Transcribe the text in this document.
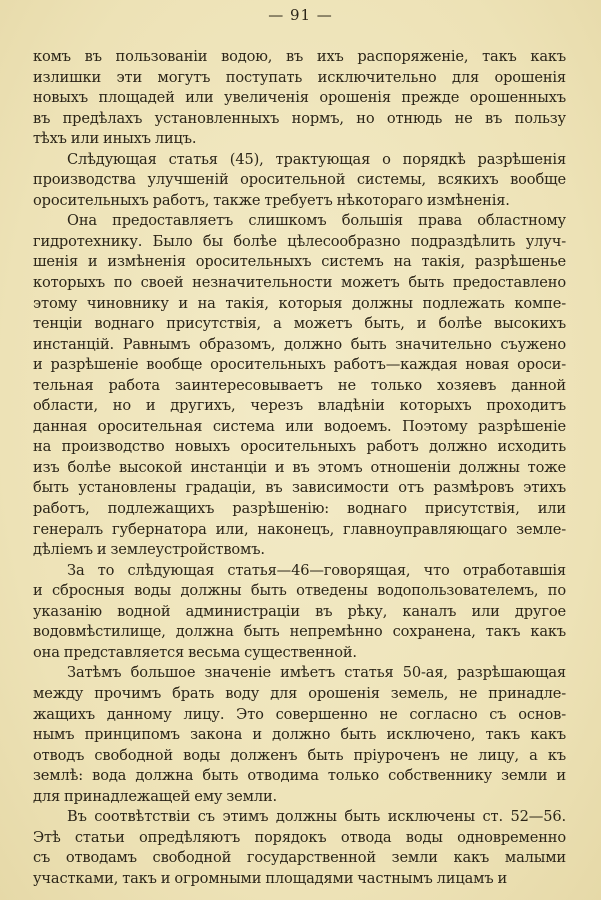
— 91 —
комъ въ пользованіи водою, въ ихъ распоряженіе, такъ какъ
излишки эти могутъ поступать исключительно для орошенія
новыхъ площадей или увеличенія орошенія прежде орошенныхъ
въ предѣлахъ установленныхъ нормъ, но отнюдь не въ пользу
тѣхъ или иныхъ лицъ.
Слѣдующая статья (45), трактующая о порядкѣ разрѣшенія
производства улучшеній оросительной системы, всякихъ вообще
оросительныхъ работъ, также требуетъ нѣкотораго измѣненія.
Она предоставляетъ слишкомъ большія права областному
гидротехнику. Было бы болѣе цѣлесообразно подраздѣлить улуч-
шенія и измѣненія оросительныхъ системъ на такія, разрѣшенье
которыхъ по своей незначительности можетъ быть предоставлено
этому чиновнику и на такія, которыя должны подлежать компе-
тенціи воднаго присутствія, а можетъ быть, и болѣе высокихъ
инстанцій. Равнымъ образомъ, должно быть значительно съужено
и разрѣшеніе вообще оросительныхъ работъ—каждая новая ороси-
тельная работа заинтересовываетъ не только хозяевъ данной
области, но и другихъ, черезъ владѣніи которыхъ проходитъ
данная оросительная система или водоемъ. Поэтому разрѣшеніе
на производство новыхъ оросительныхъ работъ должно исходить
изъ болѣе высокой инстанціи и въ этомъ отношеніи должны тоже
быть установлены градаціи, въ зависимости отъ размѣровъ этихъ
работъ, подлежащихъ разрѣшенію: воднаго присутствія, или
генералъ губернатора или, наконецъ, главноуправляющаго земле-
дѣліемъ и землеустройствомъ.
За то слѣдующая статья—46—говорящая, что отработавшія
и сбросныя воды должны быть отведены водопользователемъ, по
указанію водной администраціи въ рѣку, каналъ или другое
водовмѣстилище, должна быть непремѣнно сохранена, такъ какъ
она представляется весьма существенной.
Затѣмъ большое значеніе имѣетъ статья 50-ая, разрѣшающая
между прочимъ брать воду для орошенія земель, не принадле-
жащихъ данному лицу. Это совершенно не согласно съ основ-
нымъ принципомъ закона и должно быть исключено, такъ какъ
отводъ свободной воды долженъ быть пріуроченъ не лицу, а къ
землѣ: вода должна быть отводима только собственнику земли и
для принадлежащей ему земли.
Въ соотвѣтствіи съ этимъ должны быть исключены ст. 52—56.
Этѣ статьи опредѣляютъ порядокъ отвода воды одновременно
съ отводамъ свободной государственной земли какъ малыми
участками, такъ и огромными площадями частнымъ лицамъ и
